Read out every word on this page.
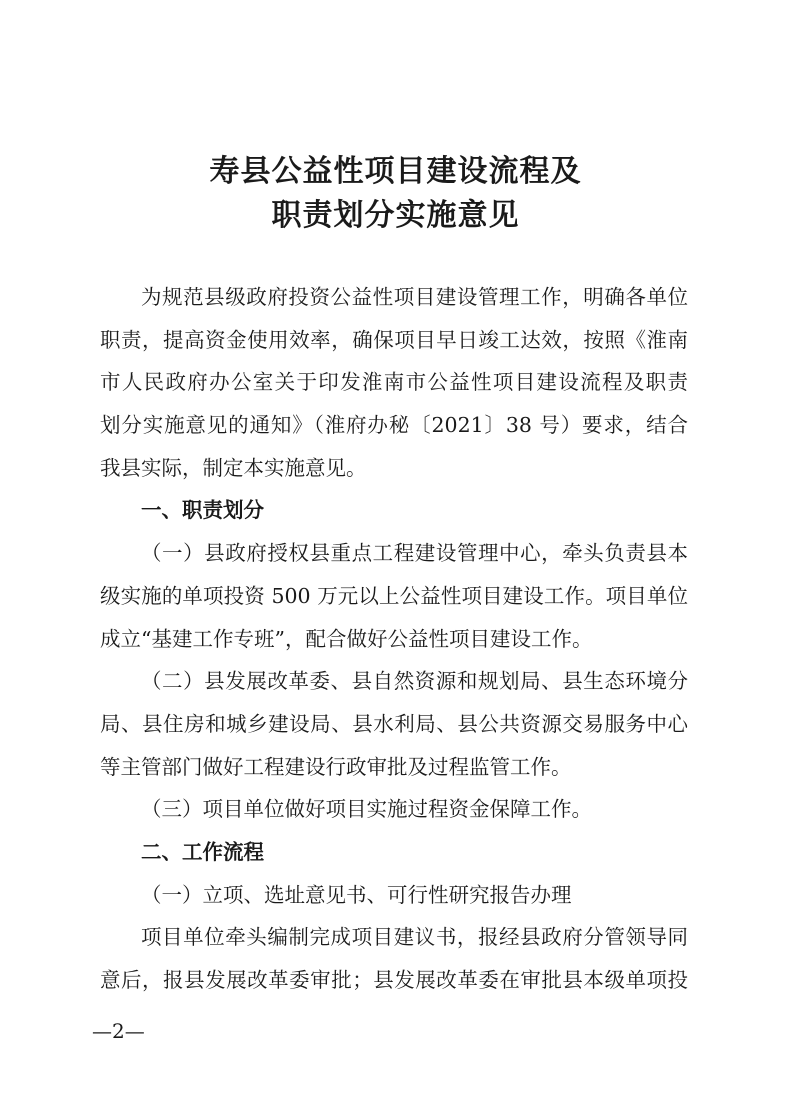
寿县公益性项目建设流程及
职责划分实施意见
为规范县级政府投资公益性项目建设管理工作，明确各单位
职责，提高资金使用效率，确保项目早日竣工达效，按照《淮南
市人民政府办公室关于印发淮南市公益性项目建设流程及职责
划分实施意见的通知》（淮府办秘〔2021〕38 号）要求，结合
我县实际，制定本实施意见。
一、职责划分
（一）县政府授权县重点工程建设管理中心，牵头负责县本
级实施的单项投资 500 万元以上公益性项目建设工作。项目单位
成立“基建工作专班”，配合做好公益性项目建设工作。
（二）县发展改革委、县自然资源和规划局、县生态环境分
局、县住房和城乡建设局、县水利局、县公共资源交易服务中心
等主管部门做好工程建设行政审批及过程监管工作。
（三）项目单位做好项目实施过程资金保障工作。
二、工作流程
（一）立项、选址意见书、可行性研究报告办理
项目单位牵头编制完成项目建议书，报经县政府分管领导同
意后，报县发展改革委审批；县发展改革委在审批县本级单项投
—2—
